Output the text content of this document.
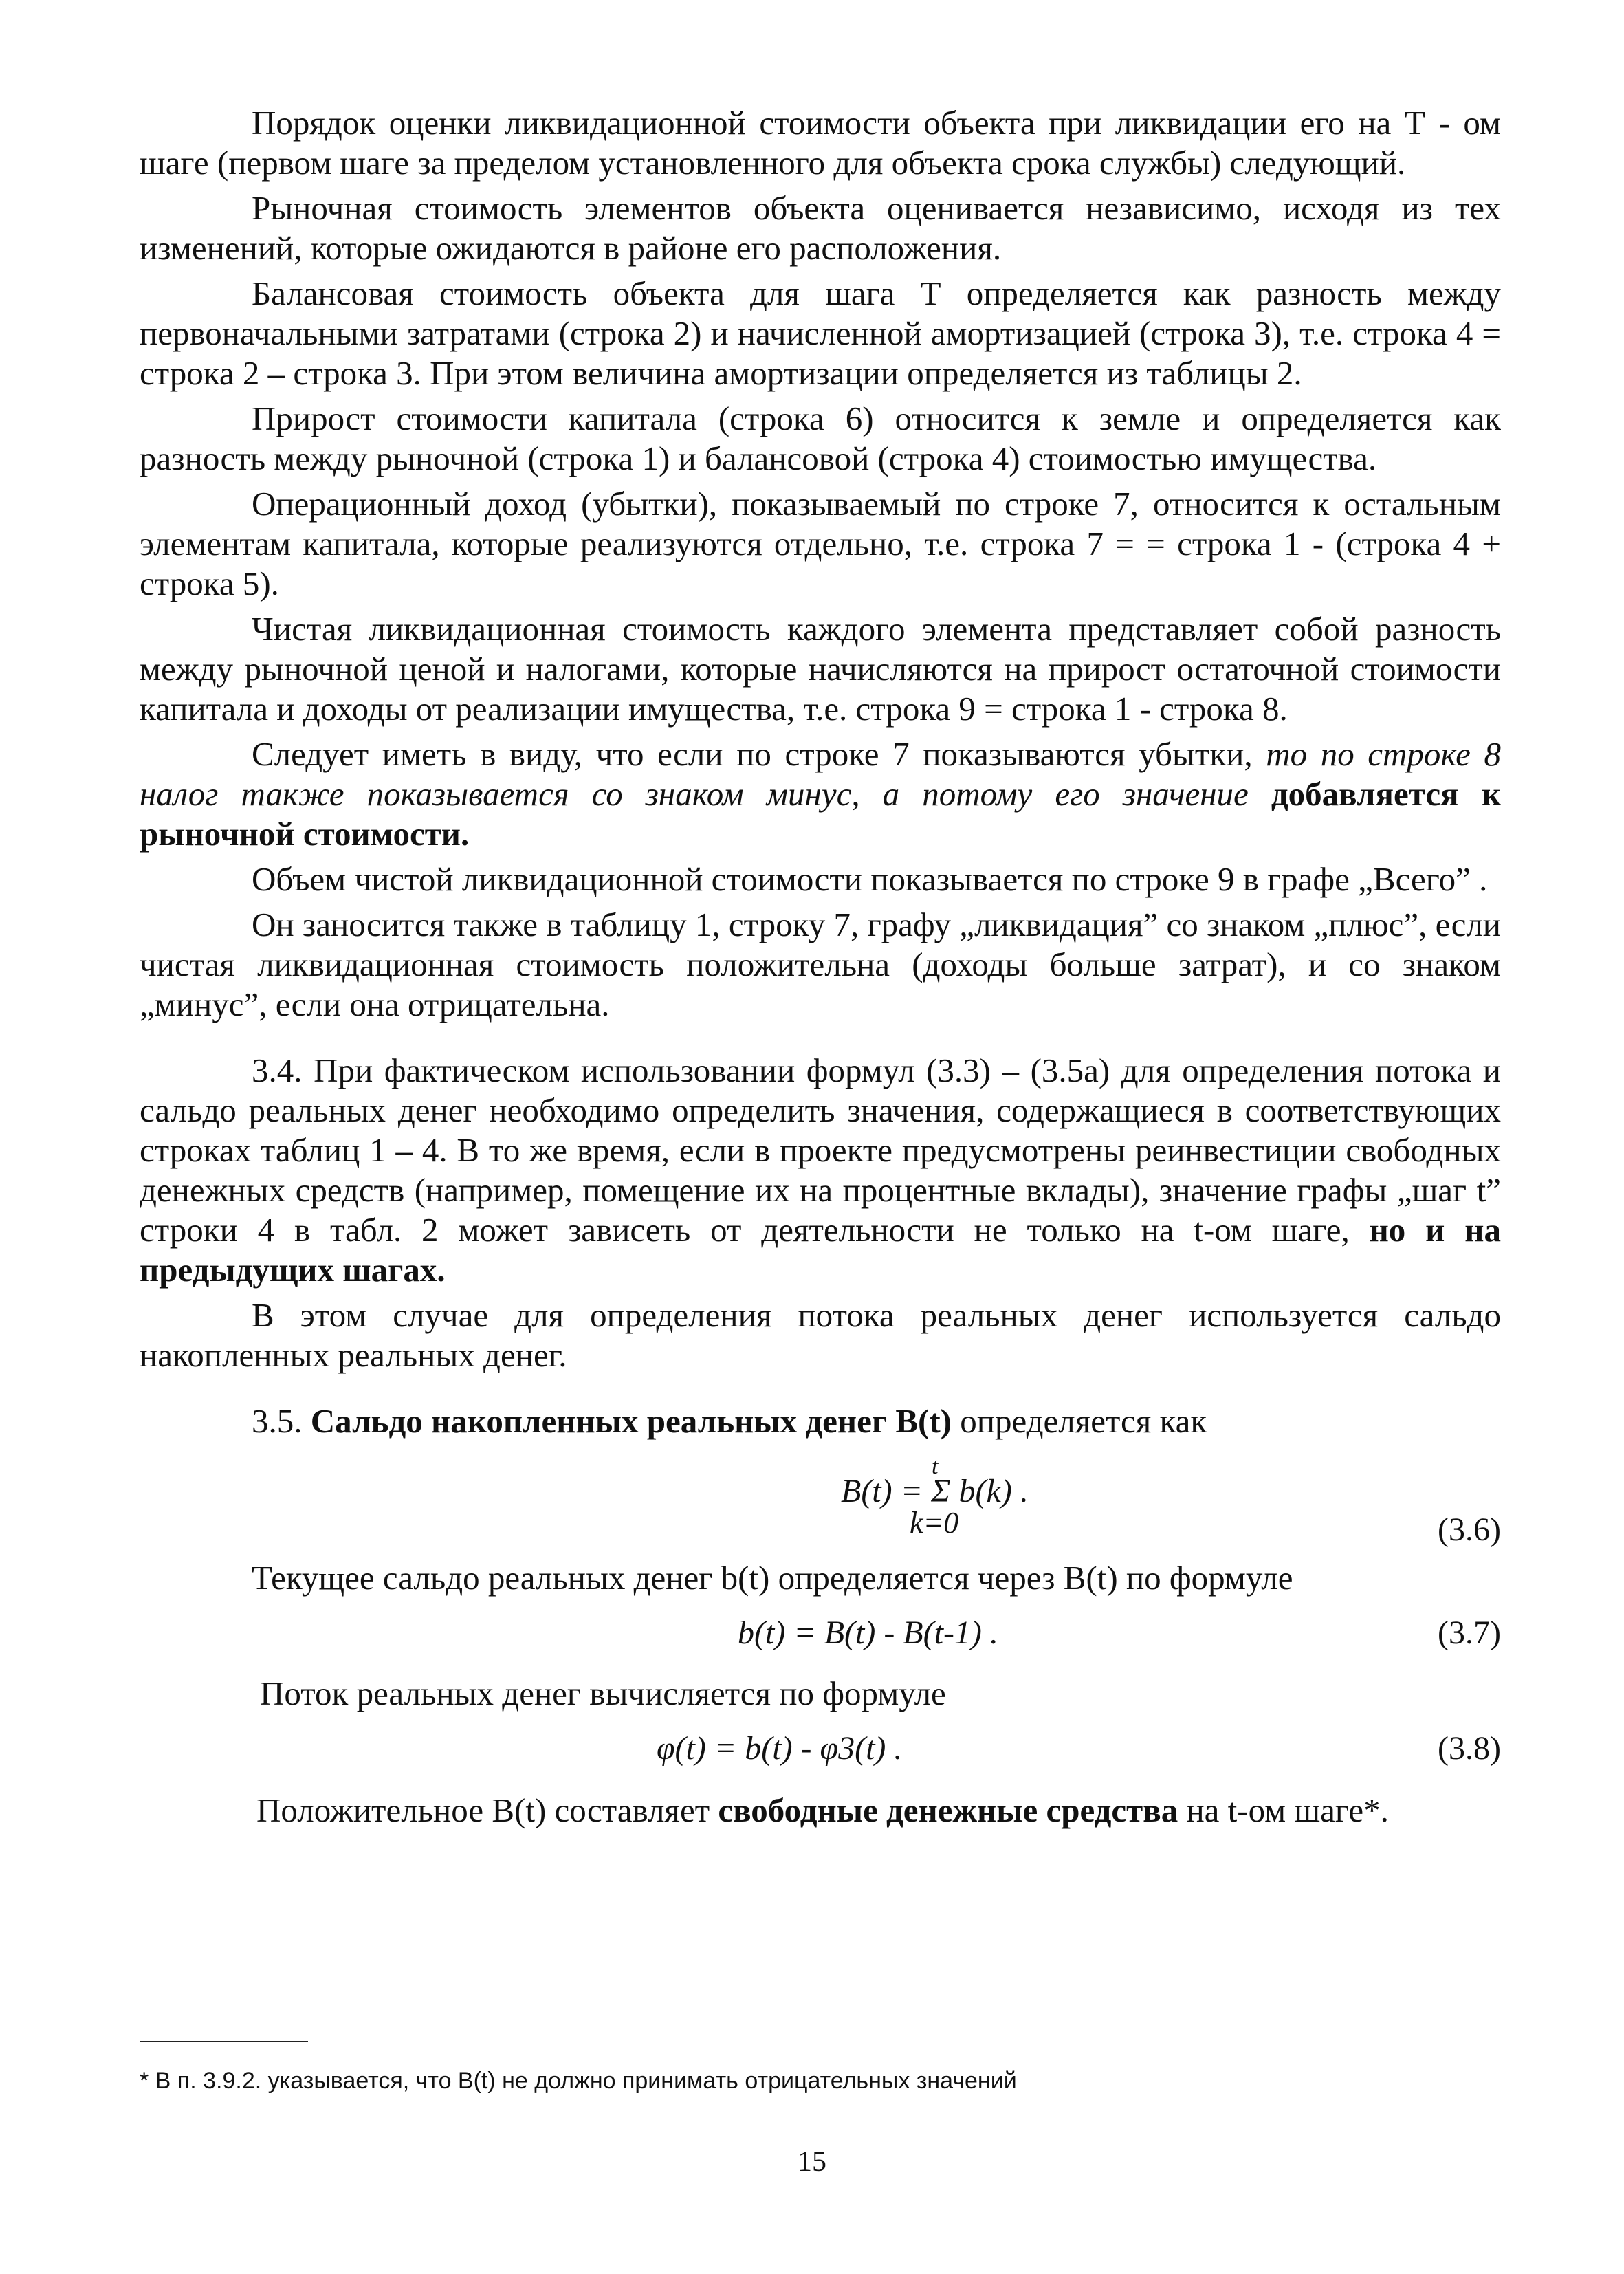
Порядок оценки ликвидационной стоимости объекта при ликвидации его на Т - ом шаге (первом шаге за пределом установленного для объекта срока службы) следующий.

Рыночная стоимость элементов объекта оценивается независимо, исходя из тех изменений, которые ожидаются в районе его расположения.

Балансовая стоимость объекта для шага Т определяется как разность между первоначальными затратами (строка 2) и начисленной амортизацией (строка 3), т.е. строка 4 = строка 2 – строка 3. При этом величина амортизации определяется из таблицы 2.

Прирост стоимости капитала (строка 6) относится к земле и определяется как разность между рыночной (строка 1) и балансовой (строка 4) стоимостью имущества.

Операционный доход (убытки), показываемый по строке 7, относится к остальным элементам капитала, которые реализуются отдельно, т.е. строка 7 = = строка 1 - (строка 4 + строка 5).

Чистая ликвидационная стоимость каждого элемента представляет собой разность между рыночной ценой и налогами, которые начисляются на прирост остаточной стоимости капитала и доходы от реализации имущества, т.е. строка 9 = строка 1 - строка 8.

Следует иметь в виду, что если по строке 7 показываются убытки, то по строке 8 налог также показывается со знаком минус, а потому его значение добавляется к рыночной стоимости.

Объем чистой ликвидационной стоимости показывается по строке 9 в графе „Всего” .

Он заносится также в таблицу 1, строку 7, графу „ликвидация” со знаком „плюс”, если чистая ликвидационная стоимость положительна (доходы больше затрат), и со знаком „минус”, если она отрицательна.

3.4. При фактическом использовании формул (3.3) – (3.5а) для определения потока и сальдо реальных денег необходимо определить значения, содержащиеся в соответствующих строках таблиц 1 – 4. В то же время, если в проекте предусмотрены реинвестиции свободных денежных средств (например, помещение их на процентные вклады), значение графы „шаг t” строки 4 в табл. 2 может зависеть от деятельности не только на t-ом шаге, но и на предыдущих шагах.

В этом случае для определения потока реальных денег используется сальдо накопленных реальных денег.

3.5. Сальдо накопленных реальных денег B(t) определяется как

t
B(t) = Σ b(k) .
k=0	(3.6)

Текущее сальдо реальных денег b(t) определяется через B(t) по формуле

b(t) = B(t) - B(t-1) .	(3.7)

Поток реальных денег вычисляется по формуле

φ(t) = b(t) - φ3(t) .	(3.8)

Положительное B(t) составляет свободные денежные средства на t-ом шаге*.

* В п. 3.9.2. указывается, что B(t) не должно принимать отрицательных значений
15
